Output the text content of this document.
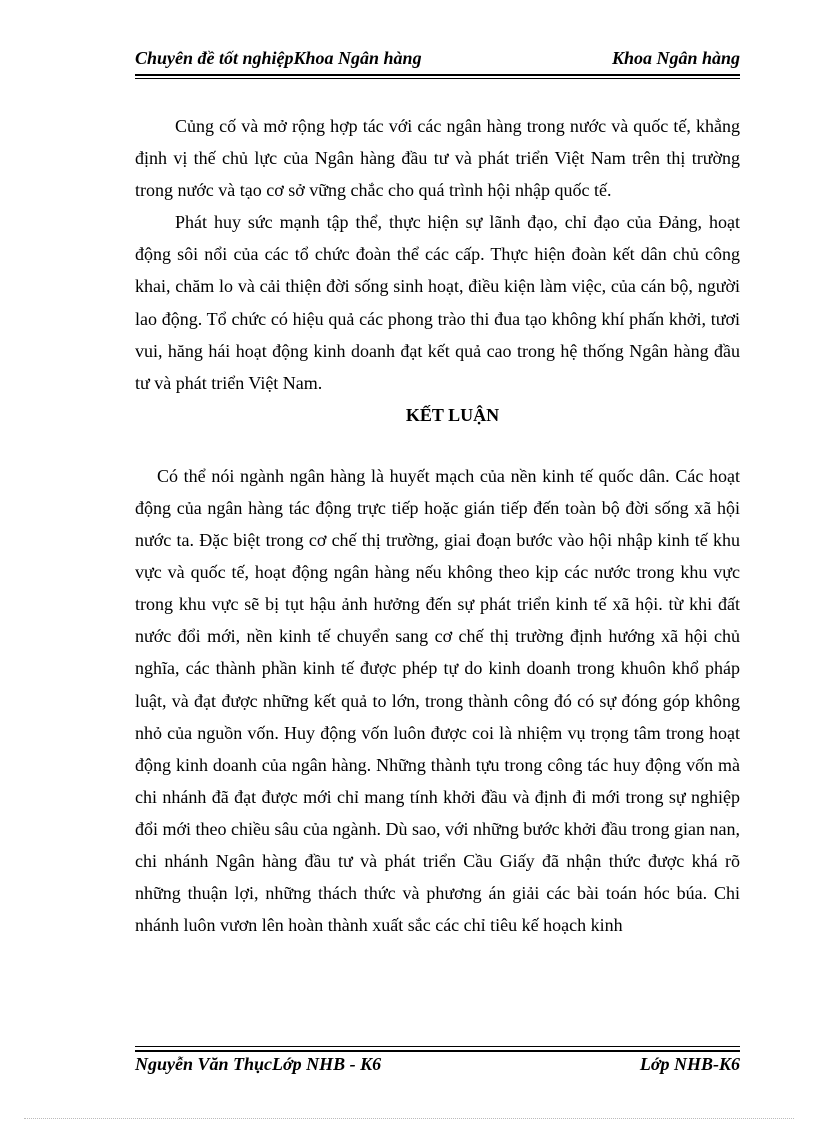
Chuyên đề tốt nghiệpKhoa Ngân hàng	Khoa Ngân hàng

Củng cố và mở rộng hợp tác với các ngân hàng trong nước và quốc tế, khẳng định vị thế chủ lực của Ngân hàng đầu tư và phát triển Việt Nam trên thị trường trong nước và tạo cơ sở vững chắc cho quá trình hội nhập quốc tế.

Phát huy sức mạnh tập thể, thực hiện sự lãnh đạo, chỉ đạo của Đảng, hoạt động sôi nổi của các tổ chức đoàn thể các cấp. Thực hiện đoàn kết dân chủ công khai, chăm lo và cải thiện đời sống sinh hoạt, điều kiện làm việc, của cán bộ, người lao động. Tổ chức có hiệu quả các phong trào thi đua tạo không khí phấn khởi, tươi vui, hăng hái hoạt động kinh doanh đạt kết quả cao trong hệ thống Ngân hàng đầu tư và phát triển Việt Nam.

KẾT LUẬN

Có thể nói ngành ngân hàng là huyết mạch của nền kinh tế quốc dân. Các hoạt động của ngân hàng tác động trực tiếp hoặc gián tiếp đến toàn bộ đời sống xã hội nước ta. Đặc biệt trong cơ chế thị trường, giai đoạn bước vào hội nhập kinh tế khu vực và quốc tế, hoạt động ngân hàng nếu không theo kịp các nước trong khu vực trong khu vực sẽ bị tụt hậu ảnh hưởng đến sự phát triển kinh tế xã hội. từ khi đất nước đổi mới, nền kinh tế chuyển sang cơ chế thị trường định hướng xã hội chủ nghĩa, các thành phần kinh tế được phép tự do kinh doanh trong khuôn khổ pháp luật, và đạt được những kết quả to lớn, trong thành công đó có sự đóng góp không nhỏ của nguồn vốn. Huy động vốn luôn được coi là nhiệm vụ trọng tâm trong hoạt động kinh doanh của ngân hàng. Những thành tựu trong công tác huy động vốn mà chi nhánh đã đạt được mới chỉ mang tính khởi đầu và định đi mới trong sự nghiệp đổi mới theo chiều sâu của ngành. Dù sao, với những bước khởi đầu trong gian nan, chi nhánh Ngân hàng đầu tư và phát triển Cầu Giấy đã nhận thức được khá rõ những thuận lợi, những thách thức và phương án giải các bài toán hóc búa. Chi nhánh luôn vươn lên hoàn thành xuất sắc các chỉ tiêu kế hoạch kinh

Nguyễn Văn ThụcLớp NHB - K6	Lớp NHB-K6
